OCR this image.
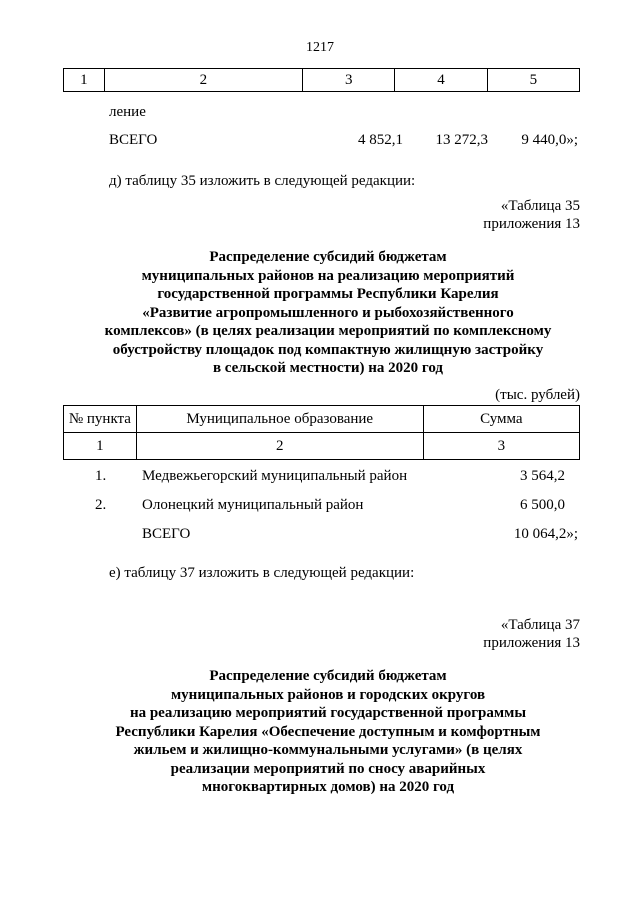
1217
1	2	3	4	5
ление
ВСЕГО	4 852,1 13 272,3 9 440,0»;
д) таблицу 35 изложить в следующей редакции:
«Таблица 35
приложения 13
Распределение субсидий бюджетам
муниципальных районов на реализацию мероприятий
государственной программы Республики Карелия
«Развитие агропромышленного и рыбохозяйственного
комплексов» (в целях реализации мероприятий по комплексному
обустройству площадок под компактную жилищную застройку
в сельской местности) на 2020 год
(тыс. рублей)
№ пункта	Муниципальное образование	Сумма
1	2	3
1. Медвежьегорский муниципальный район	3 564,2
2. Олонецкий муниципальный район	6 500,0
ВСЕГО	10 064,2»;
е) таблицу 37 изложить в следующей редакции:
«Таблица 37
приложения 13
Распределение субсидий бюджетам
муниципальных районов и городских округов
на реализацию мероприятий государственной программы
Республики Карелия «Обеспечение доступным и комфортным
жильем и жилищно-коммунальными услугами» (в целях
реализации мероприятий по сносу аварийных
многоквартирных домов) на 2020 год
